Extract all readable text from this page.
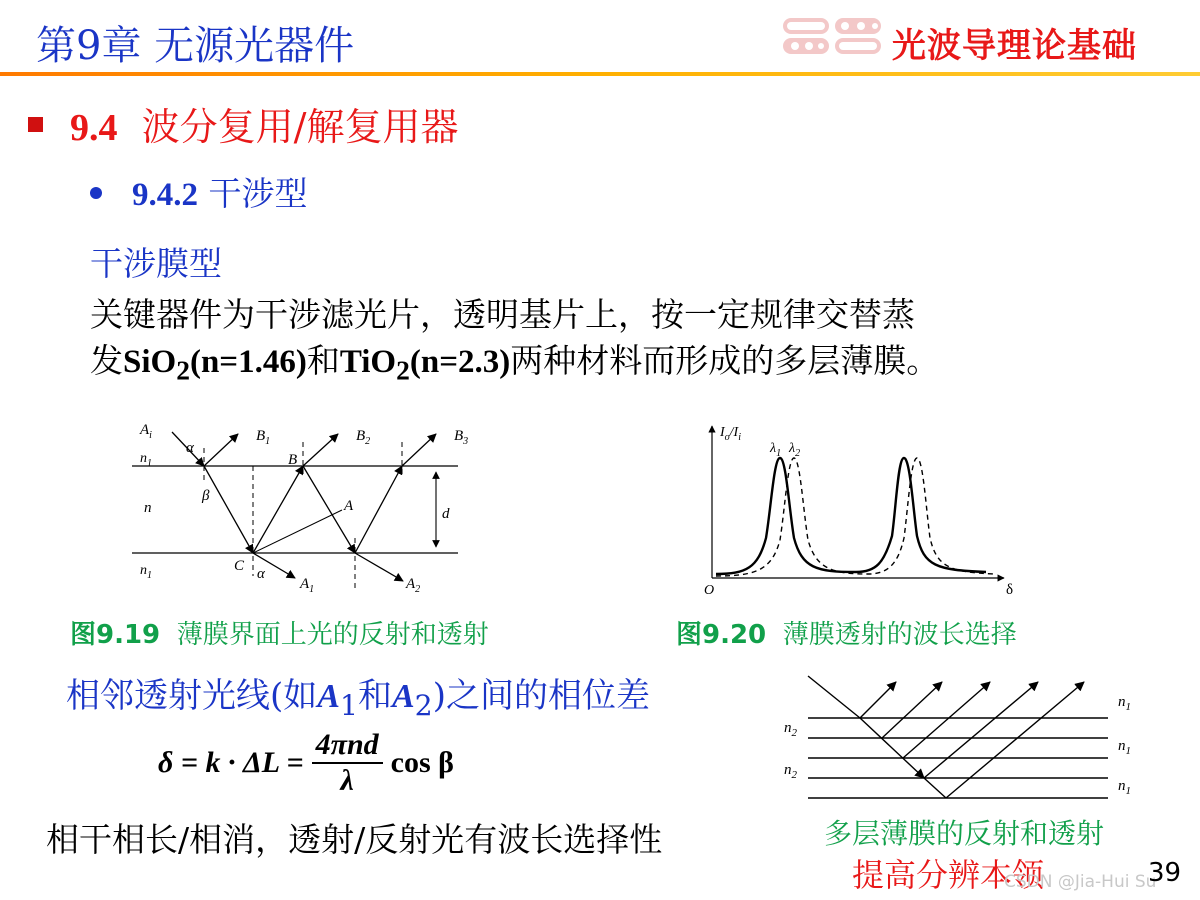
第9章 无源光器件	光波导理论基础
9.4 波分复用/解复用器
9.4.2 干涉型
干涉膜型
关键器件为干涉滤光片，透明基片上，按一定规律交替蒸
发SiO$_2$(n=1.46)和TiO$_2$(n=2.3)两种材料而形成的多层薄膜。
$A_i$
$n_1$
α
β
$B_1$	$B_2$	$B_3$
B
A
n	d
$n_1$
C α
$A_1$	$A_2$
图9.19 薄膜界面上光的反射和透射
$I_o/I_i$
$\lambda_1$ $\lambda_2$
O	δ
图9.20 薄膜透射的波长选择
相邻透射光线(如$A_1$和$A_2$)之间的相位差
$\delta = k \cdot \Delta L = \frac{\text{4πnd}}{\lambda}$ cos β
相干相长/相消，透射/反射光有波长选择性
$n_2$
$n_2$
$n_1$
$n_1$
$n_1$
多层薄膜的反射和透射
提高分辨本领
CSDN @Jia-Hui Su
39
